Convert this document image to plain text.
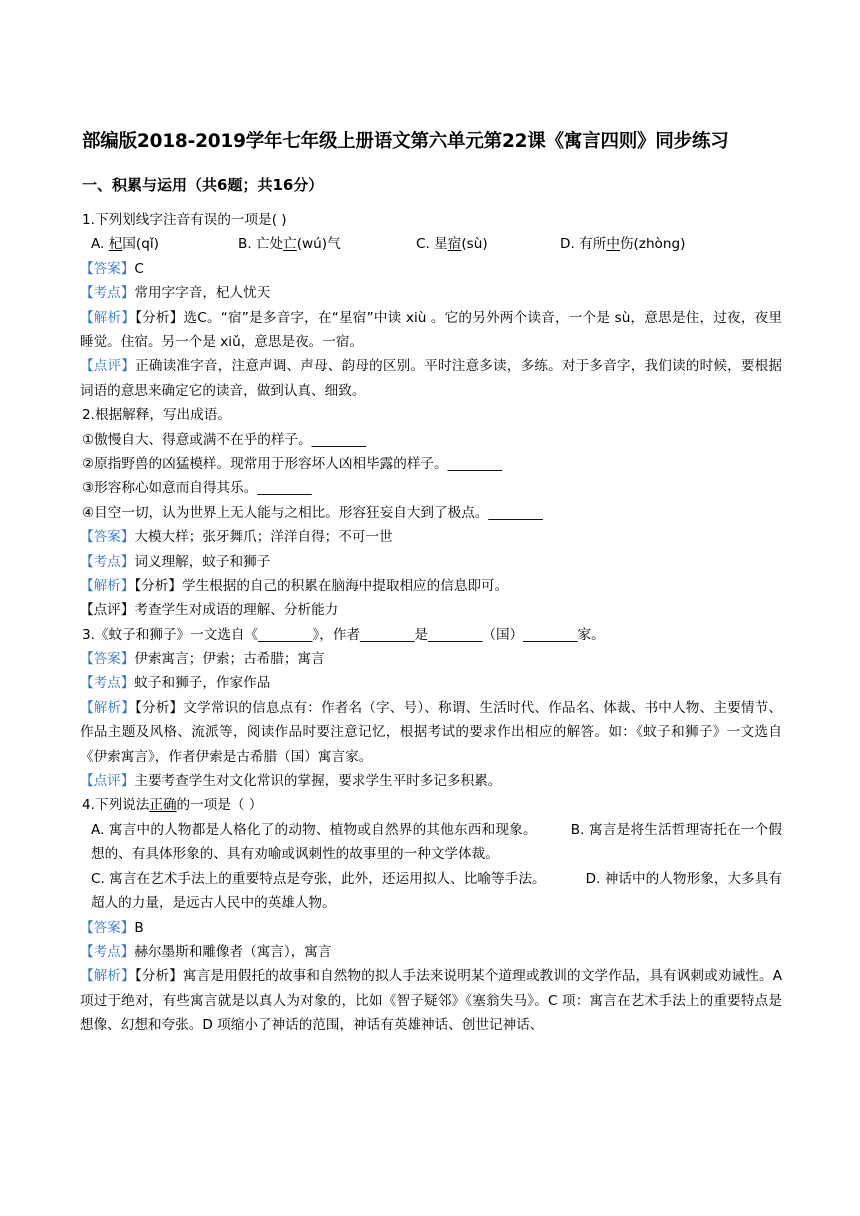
部编版2018-2019学年七年级上册语文第六单元第22课《寓言四则》同步练习
一、积累与运用（共6题；共16分）
1.下列划线字注音有误的一项是( )
A. 杞国(qǐ)	B. 亡处亡(wú)气	C. 星宿(sù)	D. 有所中伤(zhòng)
【答案】C
【考点】常用字字音，杞人忧天
【解析】【分析】选C。“宿”是多音字，在“星宿”中读 xiù 。它的另外两个读音，一个是 sù，意思是住，过夜，夜里睡觉。住宿。另一个是 xiǔ，意思是夜。一宿。
【点评】正确读准字音，注意声调、声母、韵母的区别。平时注意多读，多练。对于多音字，我们读的时候，要根据词语的意思来确定它的读音，做到认真、细致。
2.根据解释，写出成语。
①傲慢自大、得意或满不在乎的样子。________
②原指野兽的凶猛模样。现常用于形容坏人凶相毕露的样子。________
③形容称心如意而自得其乐。________
④目空一切，认为世界上无人能与之相比。形容狂妄自大到了极点。________
【答案】大模大样；张牙舞爪；洋洋自得；不可一世
【考点】词义理解，蚊子和狮子
【解析】【分析】学生根据的自己的积累在脑海中提取相应的信息即可。
【点评】考查学生对成语的理解、分析能力
3.《蚊子和狮子》一文选自《________》，作者________是________（国）________家。
【答案】伊索寓言；伊索；古希腊；寓言
【考点】蚊子和狮子，作家作品
【解析】【分析】文学常识的信息点有：作者名（字、号）、称谓、生活时代、作品名、体裁、书中人物、主要情节、作品主题及风格、流派等，阅读作品时要注意记忆，根据考试的要求作出相应的解答。如：《蚊子和狮子》一文选自《伊索寓言》，作者伊索是古希腊（国）寓言家。
【点评】主要考查学生对文化常识的掌握，要求学生平时多记多积累。
4.下列说法正确的一项是（ ）
A. 寓言中的人物都是人格化了的动物、植物或自然界的其他东西和现象。	B. 寓言是将生活哲理寄托在一个假想的、有具体形象的、具有劝喻或讽刺性的故事里的一种文学体裁。
C. 寓言在艺术手法上的重要特点是夸张，此外，还运用拟人、比喻等手法。	D. 神话中的人物形象，大多具有超人的力量，是远古人民中的英雄人物。
【答案】B
【考点】赫尔墨斯和雕像者（寓言），寓言
【解析】【分析】寓言是用假托的故事和自然物的拟人手法来说明某个道理或教训的文学作品，具有讽刺或劝诫性。A 项过于绝对，有些寓言就是以真人为对象的，比如《智子疑邻》《塞翁失马》。C 项：寓言在艺术手法上的重要特点是想像、幻想和夸张。D 项缩小了神话的范围，神话有英雄神话、创世记神话、
